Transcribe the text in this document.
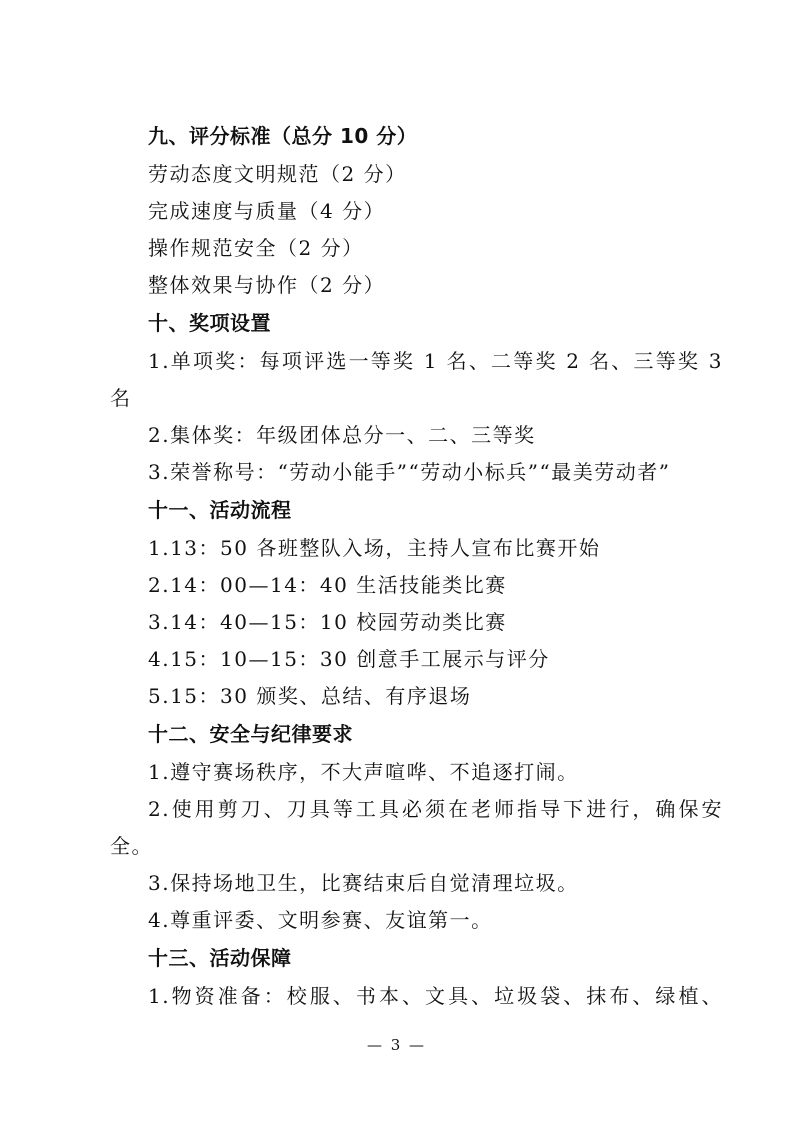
九、评分标准（总分 10 分）
劳动态度文明规范（2 分）
完成速度与质量（4 分）
操作规范安全（2 分）
整体效果与协作（2 分）
十、奖项设置
1.单项奖：每项评选一等奖 1 名、二等奖 2 名、三等奖 3
名
2.集体奖：年级团体总分一、二、三等奖
3.荣誉称号：“劳动小能手”“劳动小标兵”“最美劳动者”
十一、活动流程
1.13：50 各班整队入场，主持人宣布比赛开始
2.14：00—14：40 生活技能类比赛
3.14：40—15：10 校园劳动类比赛
4.15：10—15：30 创意手工展示与评分
5.15：30 颁奖、总结、有序退场
十二、安全与纪律要求
1.遵守赛场秩序，不大声喧哗、不追逐打闹。
2.使用剪刀、刀具等工具必须在老师指导下进行，确保安
全。
3.保持场地卫生，比赛结束后自觉清理垃圾。
4.尊重评委、文明参赛、友谊第一。
十三、活动保障
1.物资准备：校服、书本、文具、垃圾袋、抹布、绿植、
— 3 —
